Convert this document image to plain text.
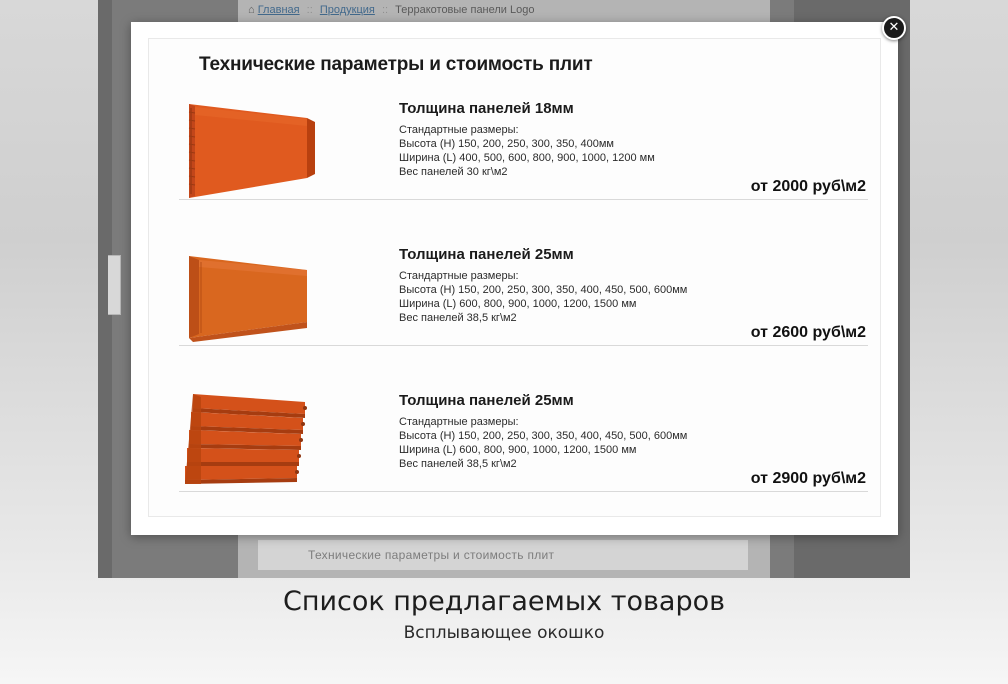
⌂ Главная :: Продукция :: Терракотовые панели Logo
Технические параметры и стоимость плит
Технические параметры и стоимость плит
Толщина панелей 18мм
Стандартные размеры:
Высота (H) 150, 200, 250, 300, 350, 400мм
Ширина (L) 400, 500, 600, 800, 900, 1000, 1200 мм
Вес панелей 30 кг\м2
от 2000 руб\м2
Толщина панелей 25мм
Стандартные размеры:
Высота (H) 150, 200, 250, 300, 350, 400, 450, 500, 600мм
Ширина (L) 600, 800, 900, 1000, 1200, 1500 мм
Вес панелей 38,5 кг\м2
от 2600 руб\м2
Толщина панелей 25мм
Стандартные размеры:
Высота (H) 150, 200, 250, 300, 350, 400, 450, 500, 600мм
Ширина (L) 600, 800, 900, 1000, 1200, 1500 мм
Вес панелей 38,5 кг\м2
от 2900 руб\м2
✕
Список предлагаемых товаров
Всплывающее окошко
